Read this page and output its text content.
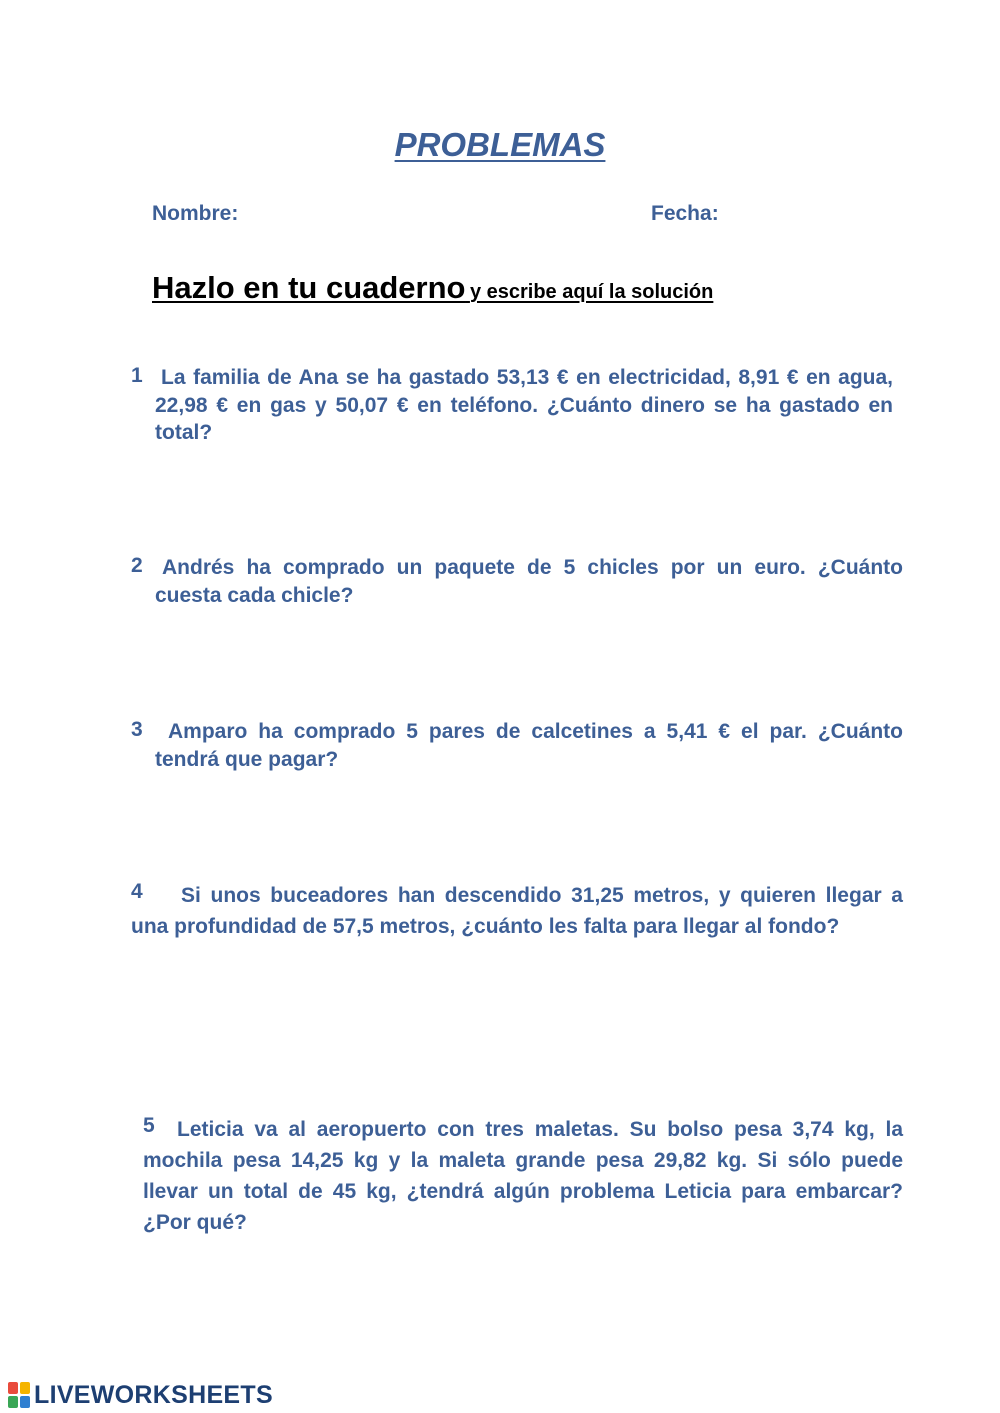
PROBLEMAS
Nombre:	Fecha:
Hazlo en tu cuaderno y escribe aquí la solución
1 La familia de Ana se ha gastado 53,13 € en electricidad, 8,91 € en agua, 22,98 € en gas y 50,07 € en teléfono. ¿Cuánto dinero se ha gastado en total?
2 Andrés ha comprado un paquete de 5 chicles por un euro. ¿Cuánto cuesta cada chicle?
3	Amparo ha comprado 5 pares de calcetines a 5,41 € el par. ¿Cuánto tendrá que pagar?
4	Si unos buceadores han descendido 31,25 metros, y quieren llegar a una profundidad de 57,5 metros, ¿cuánto les falta para llegar al fondo?
5	Leticia va al aeropuerto con tres maletas. Su bolso pesa 3,74 kg, la mochila pesa 14,25 kg y la maleta grande pesa 29,82 kg. Si sólo puede llevar un total de 45 kg, ¿tendrá algún problema Leticia para embarcar? ¿Por qué?
LIVEWORKSHEETS
